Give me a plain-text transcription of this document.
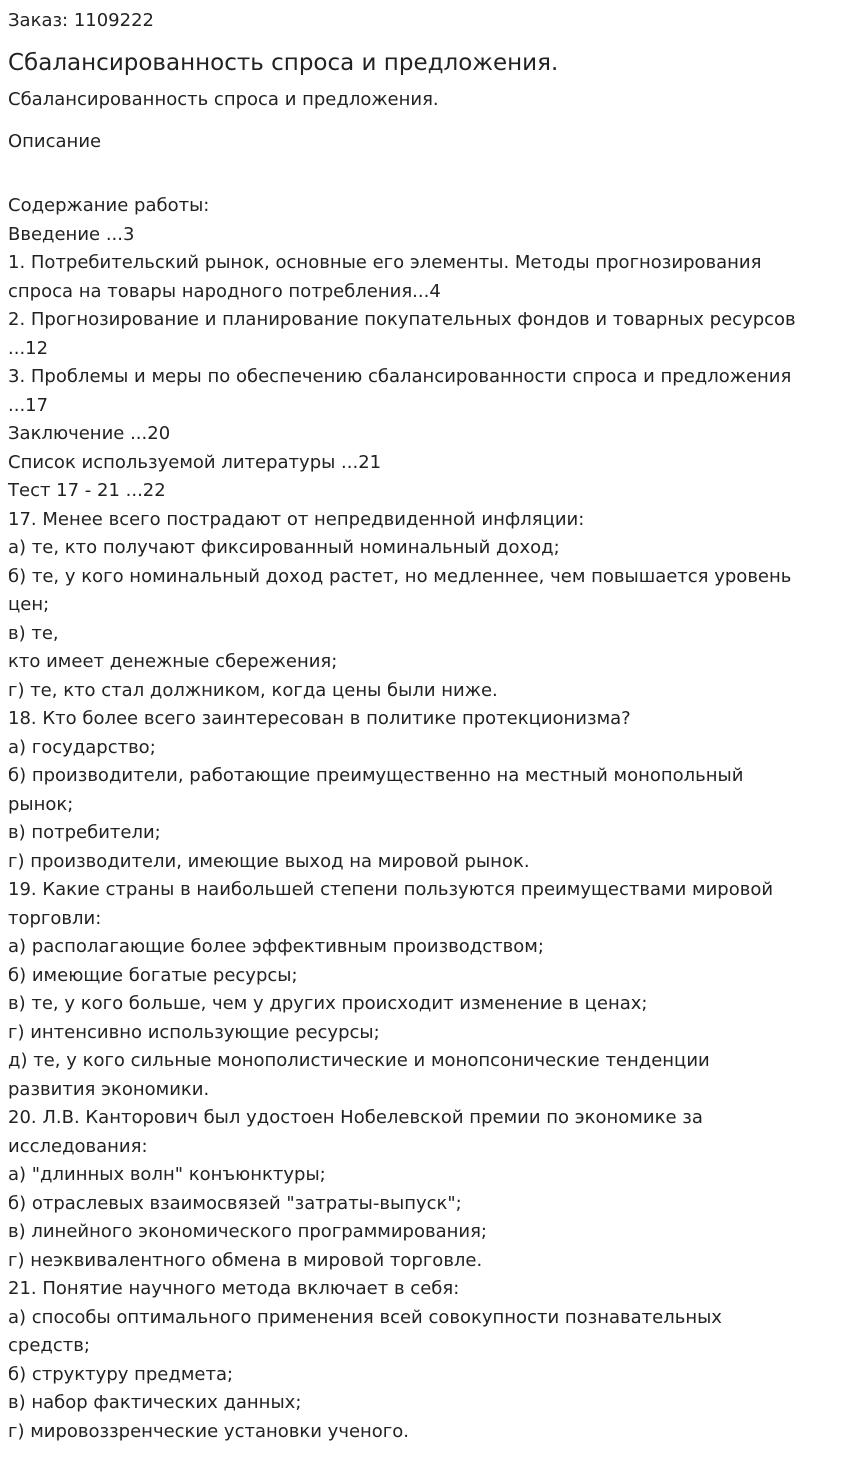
Заказ: 1109222
Сбалансированность спроса и предложения.
Сбалансированность спроса и предложения.
Описание
Содержание работы:
Введение ...3
1. Потребительский рынок, основные его элементы. Методы прогнозирования
спроса на товары народного потребления...4
2. Прогнозирование и планирование покупательных фондов и товарных ресурсов
...12
3. Проблемы и меры по обеспечению сбалансированности спроса и предложения
...17
Заключение ...20
Список используемой литературы ...21
Тест 17 - 21 ...22
17. Менее всего пострадают от непредвиденной инфляции:
а) те, кто получают фиксированный номинальный доход;
б) те, у кого номинальный доход растет, но медленнее, чем повышается уровень
цен;
в) те,
кто имеет денежные сбережения;
г) те, кто стал должником, когда цены были ниже.
18. Кто более всего заинтересован в политике протекционизма?
а) государство;
б) производители, работающие преимущественно на местный монопольный
рынок;
в) потребители;
г) производители, имеющие выход на мировой рынок.
19. Какие страны в наибольшей степени пользуются преимуществами мировой
торговли:
а) располагающие более эффективным производством;
б) имеющие богатые ресурсы;
в) те, у кого больше, чем у других происходит изменение в ценах;
г) интенсивно использующие ресурсы;
д) те, у кого сильные монополистические и монопсонические тенденции
развития экономики.
20. Л.В. Канторович был удостоен Нобелевской премии по экономике за
исследования:
а) "длинных волн" конъюнктуры;
б) отраслевых взаимосвязей "затраты-выпуск";
в) линейного экономического программирования;
г) неэквивалентного обмена в мировой торговле.
21. Понятие научного метода включает в себя:
а) способы оптимального применения всей совокупности познавательных
средств;
б) структуру предмета;
в) набор фактических данных;
г) мировоззренческие установки ученого.
